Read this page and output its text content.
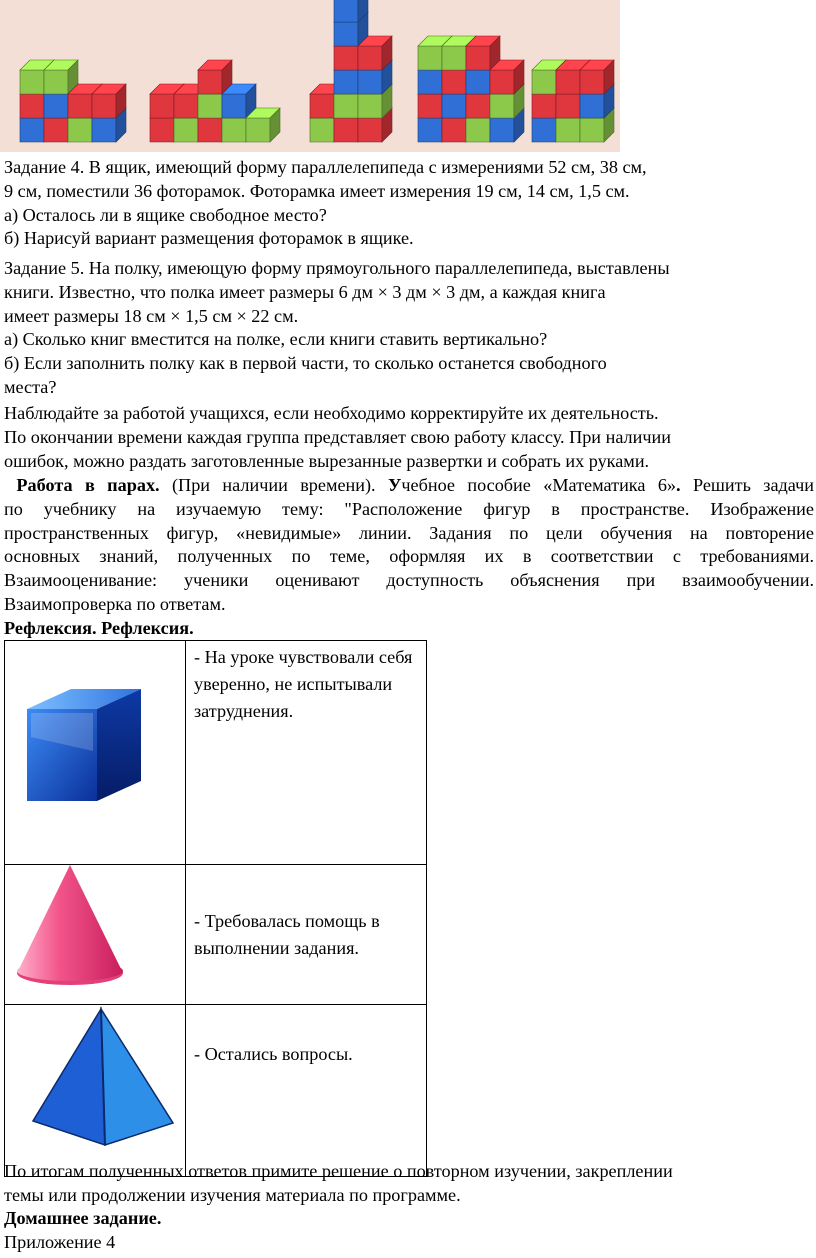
Задание 4. В ящик, имеющий форму параллелепипеда с измерениями 52 см, 38 см,

9 см, поместили 36 фоторамок. Фоторамка имеет измерения 19 см, 14 см, 1,5 см.

а) Осталось ли в ящике свободное место?

б) Нарисуй вариант размещения фоторамок в ящике.

Задание 5. На полку, имеющую форму прямоугольного параллелепипеда, выставлены

книги. Известно, что полка имеет размеры 6 дм × 3 дм × 3 дм, а каждая книга

имеет размеры 18 см × 1,5 см × 22 см.

а) Сколько книг вместится на полке, если книги ставить вертикально?

б) Если заполнить полку как в первой части, то сколько останется свободного

места?

Наблюдайте за работой учащихся, если необходимо корректируйте их деятельность.

По окончании времени каждая группа представляет свою работу классу. При наличии

ошибок, можно раздать заготовленные вырезанные развертки и собрать их руками.

Работа в парах. (При наличии времени). Учебное пособие «Математика 6». Решить задачи
по учебнику на изучаемую тему: "Расположение фигур в пространстве. Изображение
пространственных фигур, «невидимые» линии. Задания по цели обучения на повторение
основных знаний, полученных по теме, оформляя их в соответствии с требованиями.
Взаимооценивание: ученики оценивают доступность объяснения при взаимообучении.

Взаимопроверка по ответам.

Рефлексия. Рефлексия.

	- На уроке чувствовали себя уверенно, не испытывали затруднения.
	- Требовалась помощь в выполнении задания.
	- Остались вопросы.

По итогам полученных ответов примите решение о повторном изучении, закреплении

темы или продолжении изучения материала по программе.

Домашнее задание.

Приложение 4
